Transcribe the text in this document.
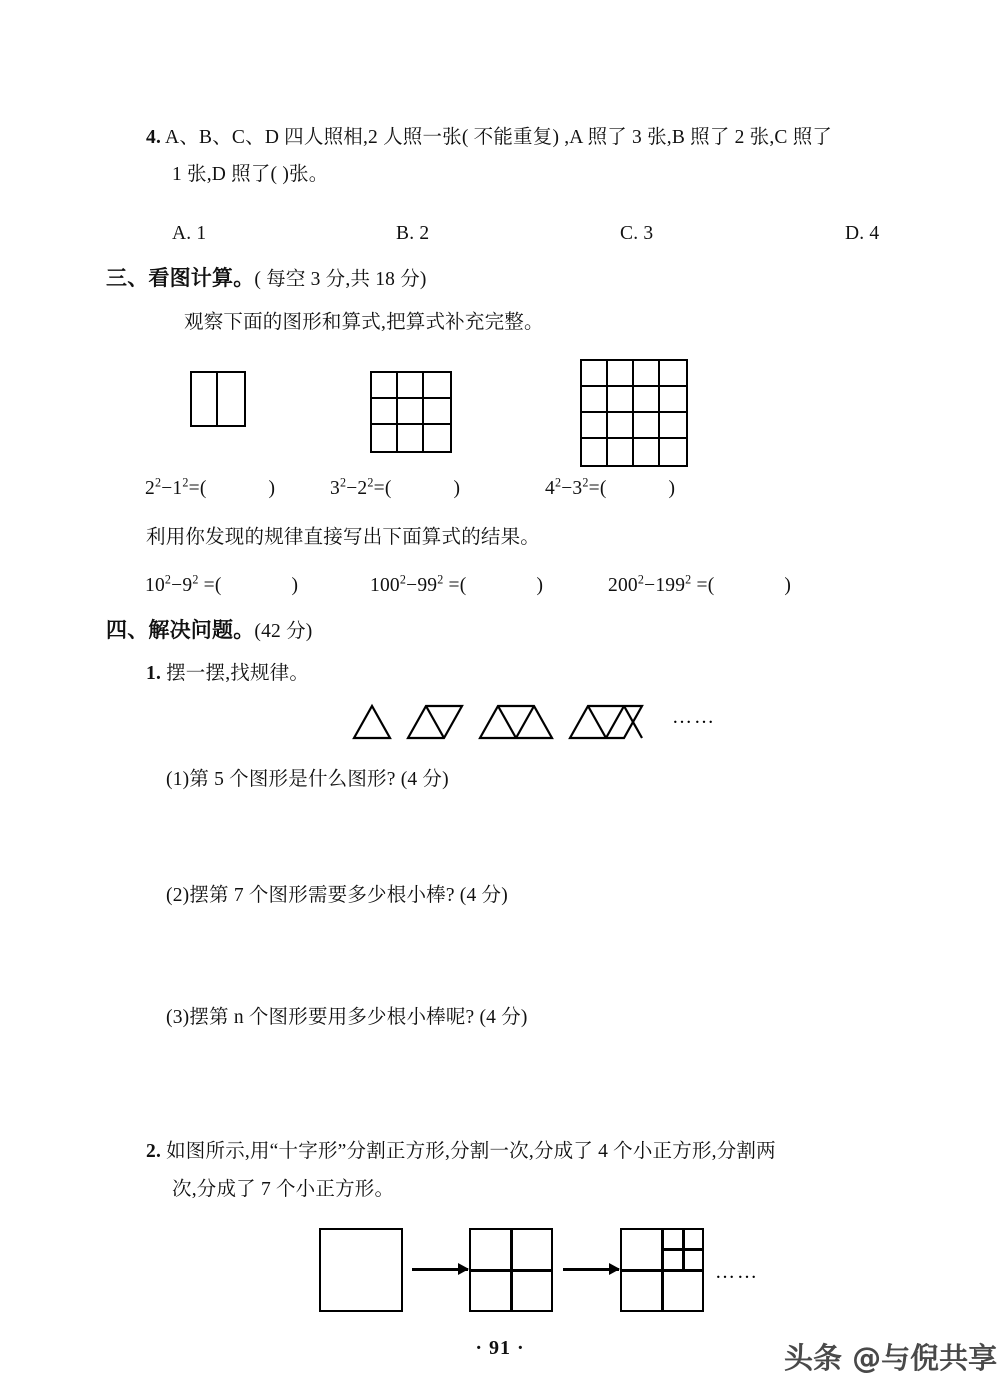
4. A、B、C、D 四人照相,2 人照一张( 不能重复) ,A 照了 3 张,B 照了 2 张,C 照了
1 张,D 照了( )张。
A. 1	B. 2	C. 3	D. 4
三、看图计算。( 每空 3 分,共 18 分)
观察下面的图形和算式,把算式补充完整。
$2^2-1^2=$(	)	$3^2-2^2=$(	)	$4^2-3^2=$(	)
利用你发现的规律直接写出下面算式的结果。
$10^2-9^2$ =(	)	$100^2-99^2$ =(	)	$200^2-199^2$ =(	)
四、解决问题。(42 分)
1. 摆一摆,找规律。
……
(1)第 5 个图形是什么图形? (4 分)
(2)摆第 7 个图形需要多少根小棒? (4 分)
(3)摆第 n 个图形要用多少根小棒呢? (4 分)
2. 如图所示,用“十字形”分割正方形,分割一次,分成了 4 个小正方形,分割两
次,分成了 7 个小正方形。
……
· 91 ·	头条 @与倪共享
